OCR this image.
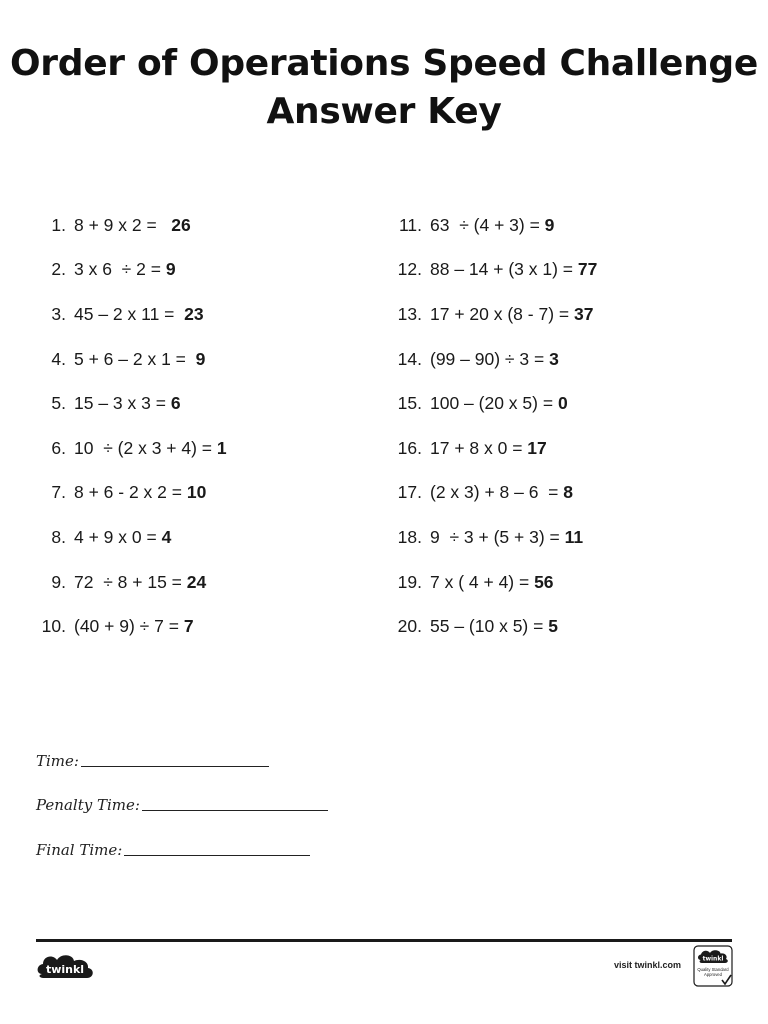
Order of Operations Speed Challenge
Answer Key
1. 8 + 9 x 2 = 26
2. 3 x 6  ÷ 2 = 9
3. 45 – 2 x 11 = 23
4. 5 + 6 – 2 x 1 = 9
5. 15 – 3 x 3 = 6
6. 10  ÷ (2 x 3 + 4) = 1
7. 8 + 6 - 2 x 2 = 10
8. 4 + 9 x 0 = 4
9. 72  ÷ 8 + 15 = 24
10. (40 + 9) ÷ 7 = 7
11. 63  ÷ (4 + 3) = 9
12. 88 – 14 + (3 x 1) = 77
13. 17 + 20 x (8 - 7) = 37
14. (99 – 90) ÷ 3 = 3
15. 100 – (20 x 5) = 0
16. 17 + 8 x 0 = 17
17. (2 x 3) + 8 – 6  = 8
18. 9  ÷ 3 + (5 + 3) = 11
19. 7 x ( 4 + 4) = 56
20. 55 – (10 x 5) = 5
Time:
Penalty Time:
Final Time:
twinkl	visit twinkl.com
twinkl
Quality Standard
Approved
